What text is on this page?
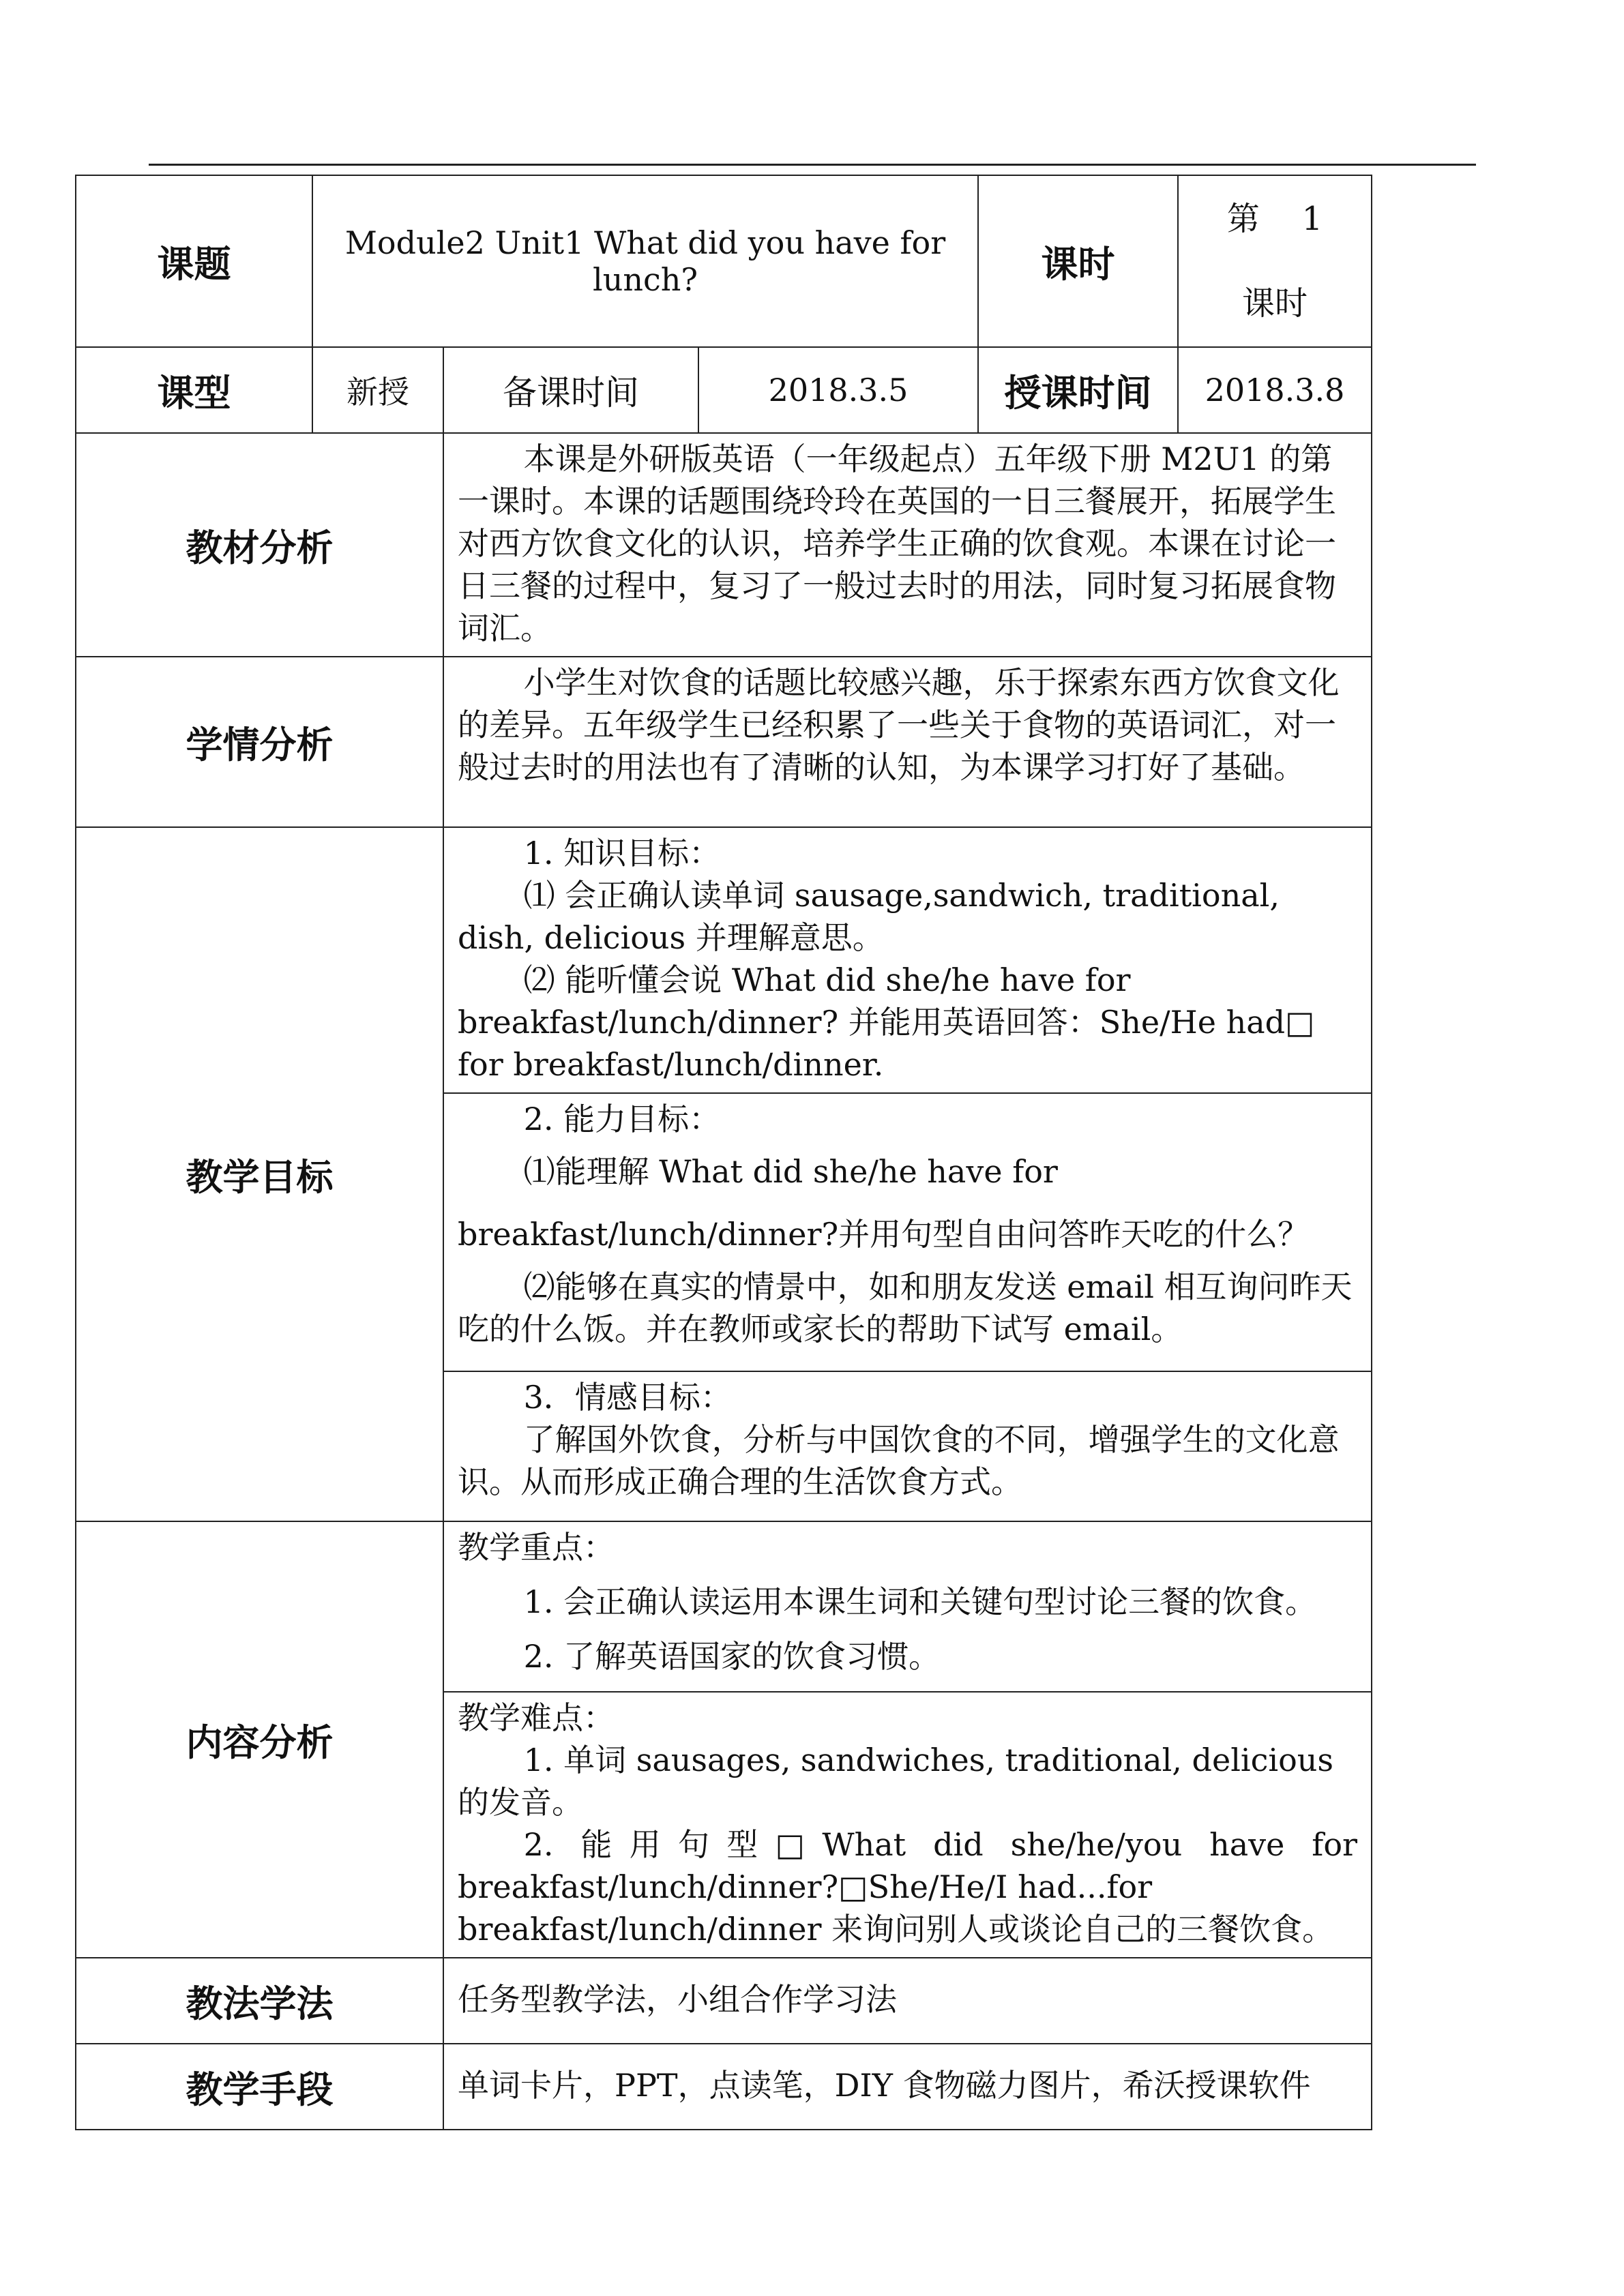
课题	Module2 Unit1 What did you have for lunch?			课时	第 1
课时

课型	新授	备课时间	2018.3.5	授课时间	2018.3.8
教材分析		本课是外研版英语（一年级起点）五年级下册 M2U1 的第一课时。本课的话题围绕玲玲在英国的一日三餐展开，拓展学生对西方饮食文化的认识，培养学生正确的饮食观。本课在讨论一日三餐的过程中，复习了一般过去时的用法，同时复习拓展食物词汇。			

学情分析		小学生对饮食的话题比较感兴趣，乐于探索东西方饮食文化的差异。五年级学生已经积累了一些关于食物的英语词汇，对一般过去时的用法也有了清晰的认知，为本课学习打好了基础。			

教学目标		1. 知识目标：

⑴ 会正确认读单词 sausage,sandwich, traditional, dish, delicious 并理解意思。

⑵ 能听懂会说 What did she/he have for breakfast/lunch/dinner? 并能用英语回答：She/He had□ for breakfast/lunch/dinner.			

		2. 能力目标：

⑴能理解 What did she/he have for breakfast/lunch/dinner?并用句型自由问答昨天吃的什么？

⑵能够在真实的情景中，如和朋友发送 email 相互询问昨天吃的什么饭。并在教师或家长的帮助下试写 email。			

		3．情感目标：

了解国外饮食，分析与中国饮食的不同，增强学生的文化意识。从而形成正确合理的生活饮食方式。			

内容分析		教学重点：

1. 会正确认读运用本课生词和关键句型讨论三餐的饮食。

2. 了解英语国家的饮食习惯。			

		教学难点：

1. 单词 sausages, sandwiches, traditional, delicious 的发音。

2. 能用句型□What did she/he/you have for

breakfast/lunch/dinner?□She/He/I had...for breakfast/lunch/dinner 来询问别人或谈论自己的三餐饮食。			

教法学法		任务型教学法，小组合作学习法			

教学手段		单词卡片，PPT，点读笔，DIY 食物磁力图片，希沃授课软件			
